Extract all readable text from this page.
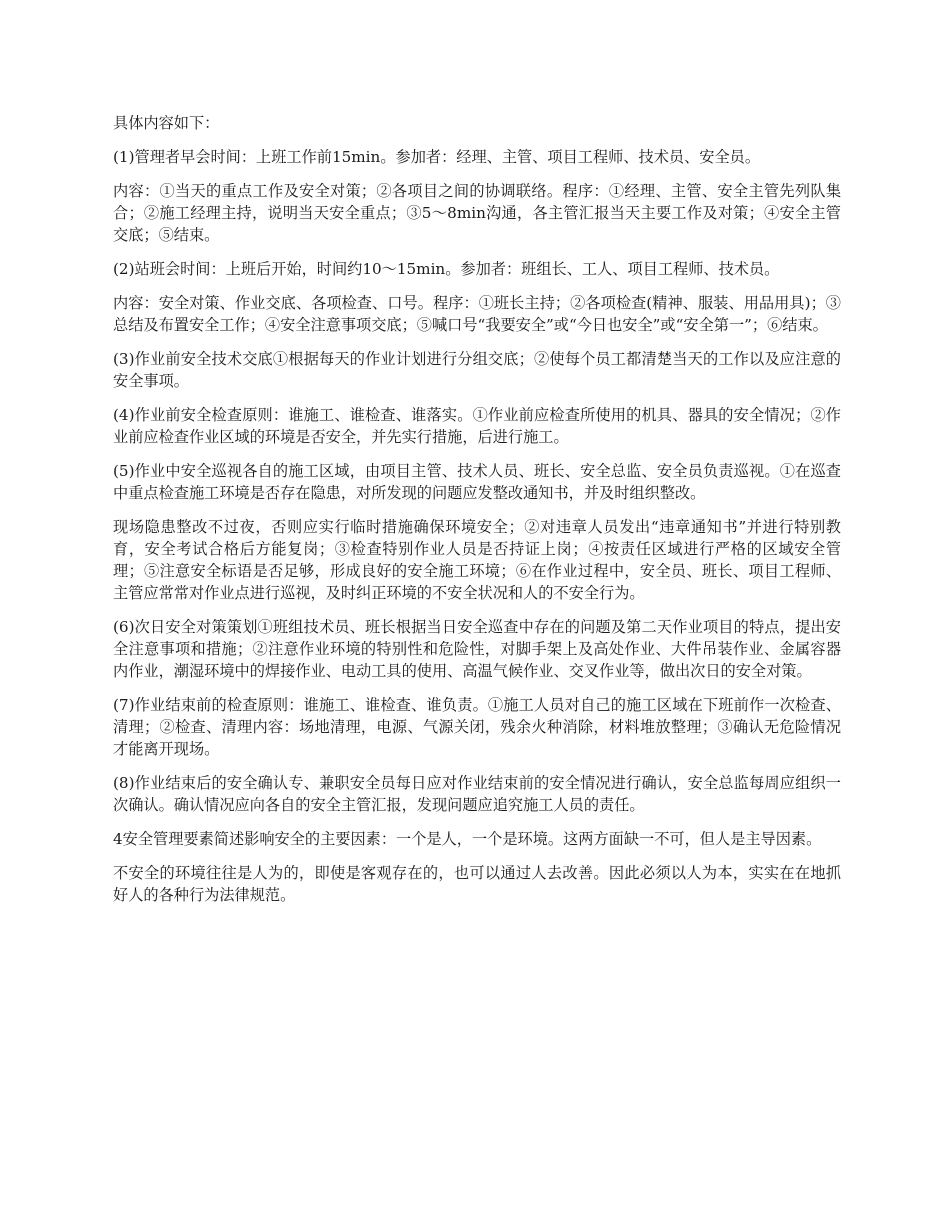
具体内容如下：

(1)管理者早会时间：上班工作前15min。参加者：经理、主管、项目工程师、技术员、安全员。

内容：①当天的重点工作及安全对策；②各项目之间的协调联络。程序：①经理、主管、安全主管先列队集合；②施工经理主持，说明当天安全重点；③5～8min沟通，各主管汇报当天主要工作及对策；④安全主管交底；⑤结束。

(2)站班会时间：上班后开始，时间约10～15min。参加者：班组长、工人、项目工程师、技术员。

内容：安全对策、作业交底、各项检查、口号。程序：①班长主持；②各项检查(精神、服装、用品用具)；③总结及布置安全工作；④安全注意事项交底；⑤喊口号“我要安全”或“今日也安全”或“安全第一”；⑥结束。

(3)作业前安全技术交底①根据每天的作业计划进行分组交底；②使每个员工都清楚当天的工作以及应注意的安全事项。

(4)作业前安全检查原则：谁施工、谁检查、谁落实。①作业前应检查所使用的机具、器具的安全情况；②作业前应检查作业区域的环境是否安全，并先实行措施，后进行施工。

(5)作业中安全巡视各自的施工区域，由项目主管、技术人员、班长、安全总监、安全员负责巡视。①在巡查中重点检查施工环境是否存在隐患，对所发现的问题应发整改通知书，并及时组织整改。

现场隐患整改不过夜，否则应实行临时措施确保环境安全；②对违章人员发出“违章通知书”并进行特别教育，安全考试合格后方能复岗；③检查特别作业人员是否持证上岗；④按责任区域进行严格的区域安全管理；⑤注意安全标语是否足够，形成良好的安全施工环境；⑥在作业过程中，安全员、班长、项目工程师、主管应常常对作业点进行巡视，及时纠正环境的不安全状况和人的不安全行为。

(6)次日安全对策策划①班组技术员、班长根据当日安全巡查中存在的问题及第二天作业项目的特点，提出安全注意事项和措施；②注意作业环境的特别性和危险性，对脚手架上及高处作业、大件吊装作业、金属容器内作业，潮湿环境中的焊接作业、电动工具的使用、高温气候作业、交叉作业等，做出次日的安全对策。

(7)作业结束前的检查原则：谁施工、谁检查、谁负责。①施工人员对自己的施工区域在下班前作一次检查、清理；②检查、清理内容：场地清理，电源、气源关闭，残余火种消除，材料堆放整理；③确认无危险情况才能离开现场。

(8)作业结束后的安全确认专、兼职安全员每日应对作业结束前的安全情况进行确认，安全总监每周应组织一次确认。确认情况应向各自的安全主管汇报，发现问题应追究施工人员的责任。

4安全管理要素简述影响安全的主要因素：一个是人，一个是环境。这两方面缺一不可，但人是主导因素。

不安全的环境往往是人为的，即使是客观存在的，也可以通过人去改善。因此必须以人为本，实实在在地抓好人的各种行为法律规范。
